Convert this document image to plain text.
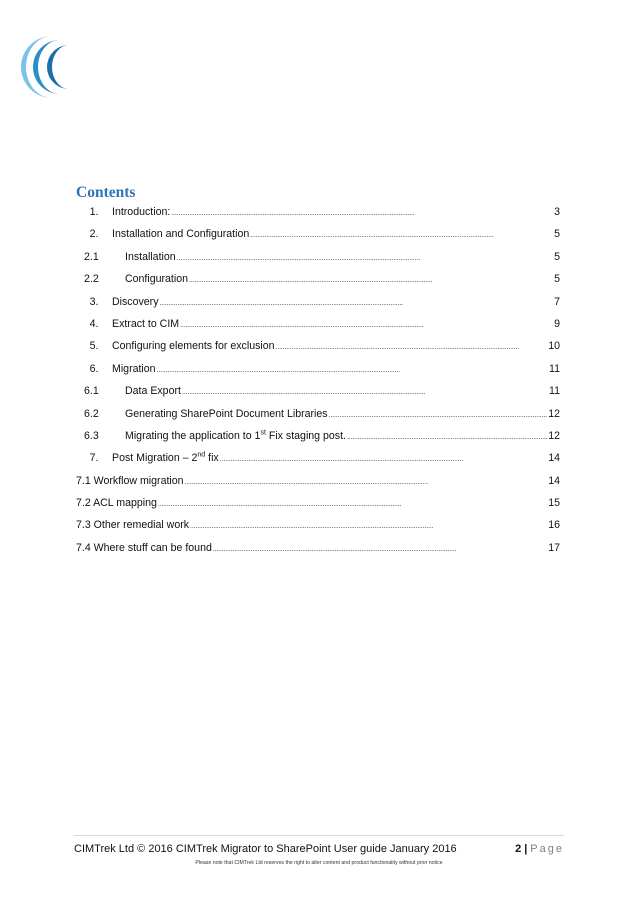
Contents
1.	Introduction: . . .	3
2.	Installation and Configuration . . .	5
2.1	Installation . . .	5
2.2	Configuration . . .	5
3.	Discovery . . .	7
4.	Extract to CIM . . .	9
5.	Configuring elements for exclusion . . .	10
6.	Migration . . .	11
6.1	Data Export . . .	11
6.2	Generating SharePoint Document Libraries . . .	12
6.3	Migrating the application to 1st Fix staging post. . . .	12
7.	Post Migration – 2nd fix . . .	14
7.1 Workflow migration . . .	14
7.2 ACL mapping . . .	15
7.3 Other remedial work . . .	16
7.4 Where stuff can be found . . .	17
CIMTrek Ltd © 2016 CIMTrek Migrator to SharePoint User guide January 2016	2 | Page
Please note that CIMTrek Ltd reserves the right to alter content and product functionality without prior notice
